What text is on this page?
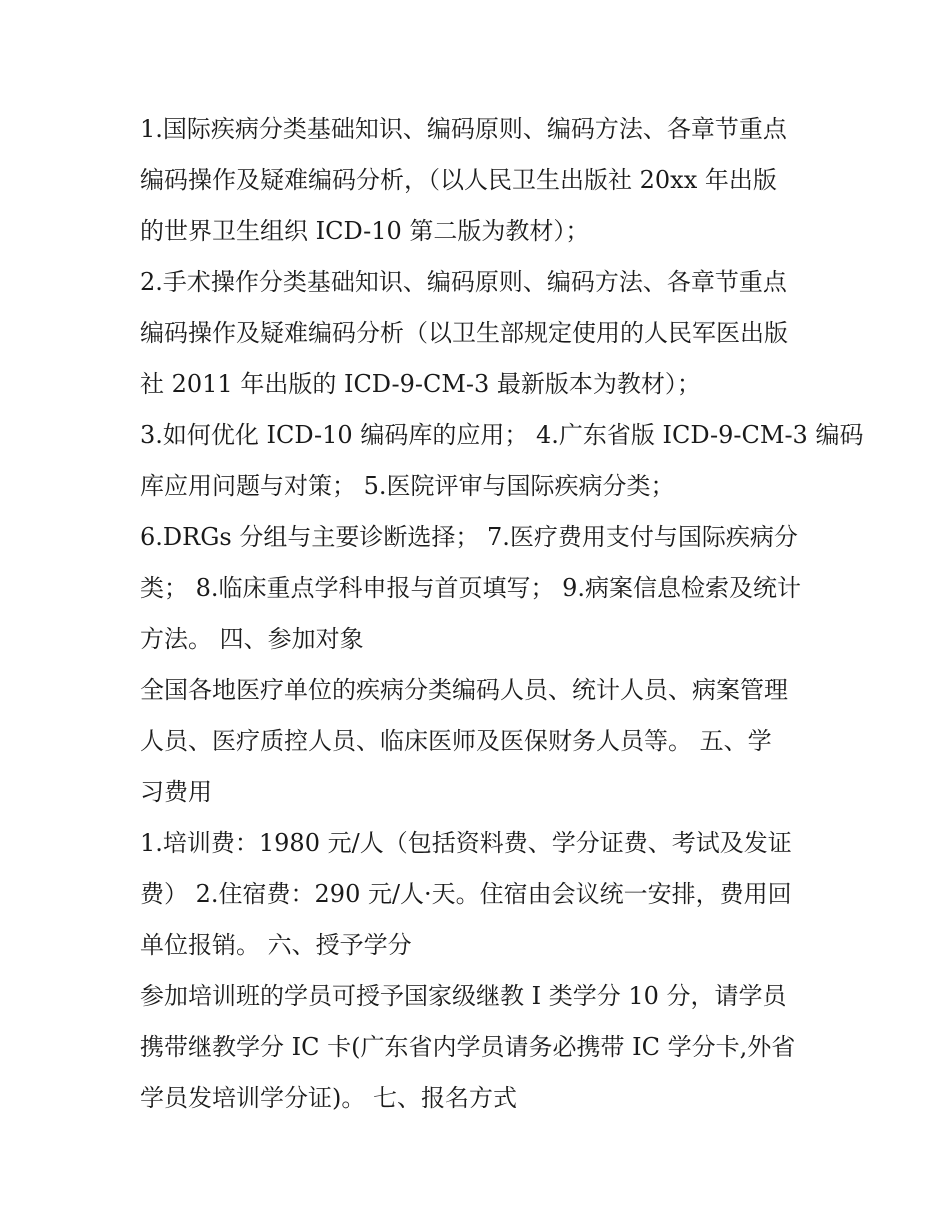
1.国际疾病分类基础知识、编码原则、编码方法、各章节重点
编码操作及疑难编码分析，（以人民卫生出版社 20xx 年出版
的世界卫生组织 ICD-10 第二版为教材）；
2.手术操作分类基础知识、编码原则、编码方法、各章节重点
编码操作及疑难编码分析（以卫生部规定使用的人民军医出版
社 2011 年出版的 ICD-9-CM-3 最新版本为教材）；
3.如何优化 ICD-10 编码库的应用； 4.广东省版 ICD-9-CM-3 编码
库应用问题与对策； 5.医院评审与国际疾病分类；
6.DRGs 分组与主要诊断选择； 7.医疗费用支付与国际疾病分
类； 8.临床重点学科申报与首页填写； 9.病案信息检索及统计
方法。 四、参加对象
全国各地医疗单位的疾病分类编码人员、统计人员、病案管理
人员、医疗质控人员、临床医师及医保财务人员等。 五、学
习费用
1.培训费：1980 元/人（包括资料费、学分证费、考试及发证
费） 2.住宿费：290 元/人·天。住宿由会议统一安排，费用回
单位报销。 六、授予学分
参加培训班的学员可授予国家级继教 I 类学分 10 分，请学员
携带继教学分 IC 卡(广东省内学员请务必携带 IC 学分卡,外省
学员发培训学分证)。 七、报名方式
